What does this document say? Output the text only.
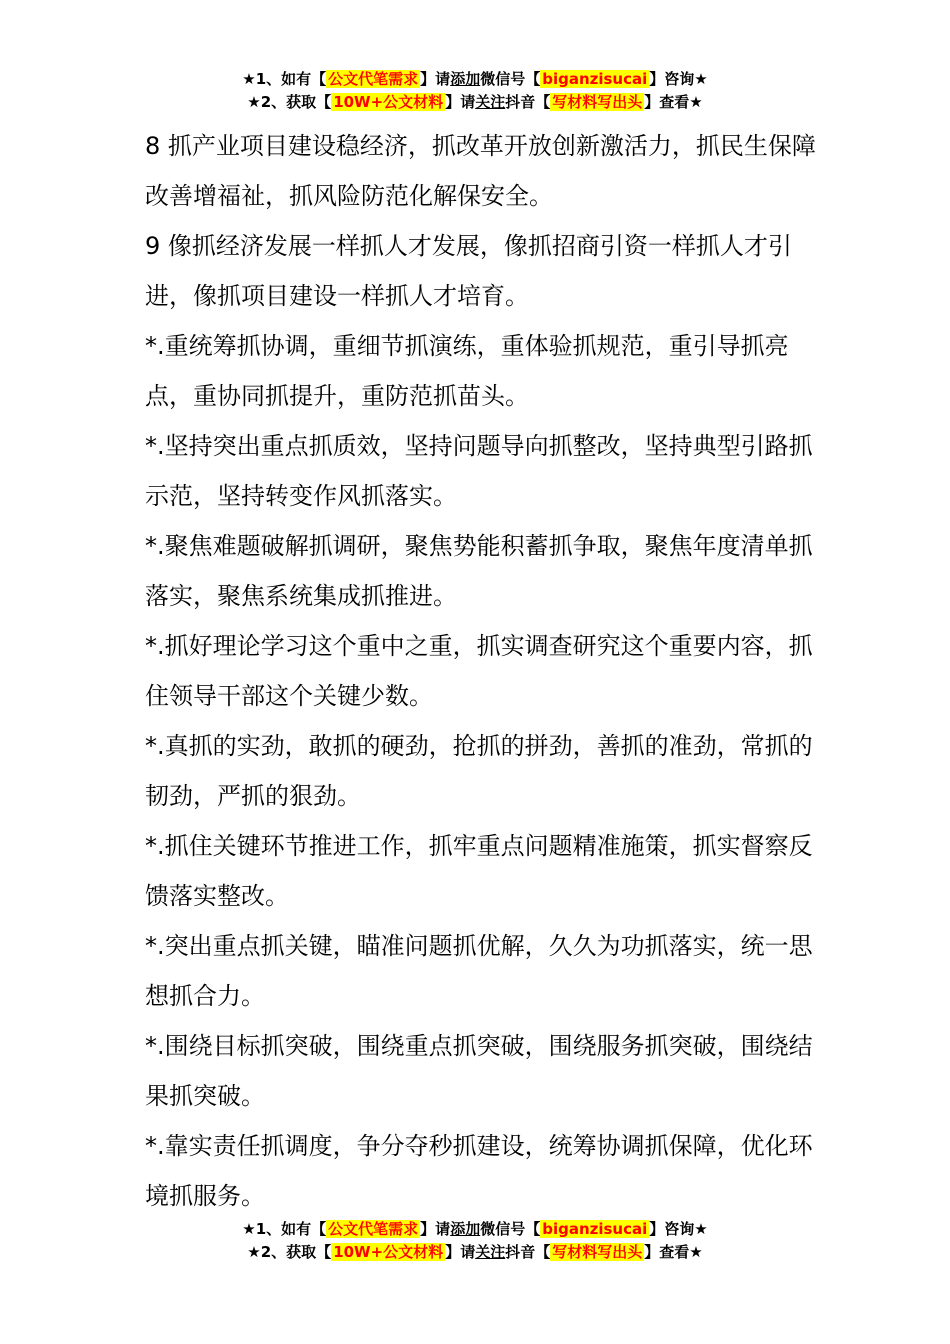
★1、如有【 公文代笔需求 】请添加微信号【 biganzisucai 】咨询★
★2、获取【 10W+公文材料 】请关注抖音【 写材料写出头 】查看★

8 抓产业项目建设稳经济，抓改革开放创新激活力，抓民生保障改善增福祉，抓风险防范化解保安全。

9 像抓经济发展一样抓人才发展，像抓招商引资一样抓人才引进，像抓项目建设一样抓人才培育。

*.重统筹抓协调，重细节抓演练，重体验抓规范，重引导抓亮点，重协同抓提升，重防范抓苗头。

*.坚持突出重点抓质效，坚持问题导向抓整改，坚持典型引路抓示范，坚持转变作风抓落实。

*.聚焦难题破解抓调研，聚焦势能积蓄抓争取，聚焦年度清单抓落实，聚焦系统集成抓推进。

*.抓好理论学习这个重中之重，抓实调查研究这个重要内容，抓住领导干部这个关键少数。

*.真抓的实劲，敢抓的硬劲，抢抓的拼劲，善抓的准劲，常抓的韧劲，严抓的狠劲。

*.抓住关键环节推进工作，抓牢重点问题精准施策，抓实督察反馈落实整改。

*.突出重点抓关键，瞄准问题抓优解，久久为功抓落实，统一思想抓合力。

*.围绕目标抓突破，围绕重点抓突破，围绕服务抓突破，围绕结果抓突破。

*.靠实责任抓调度，争分夺秒抓建设，统筹协调抓保障，优化环境抓服务。

★1、如有【 公文代笔需求 】请添加微信号【 biganzisucai 】咨询★
★2、获取【 10W+公文材料 】请关注抖音【 写材料写出头 】查看★
